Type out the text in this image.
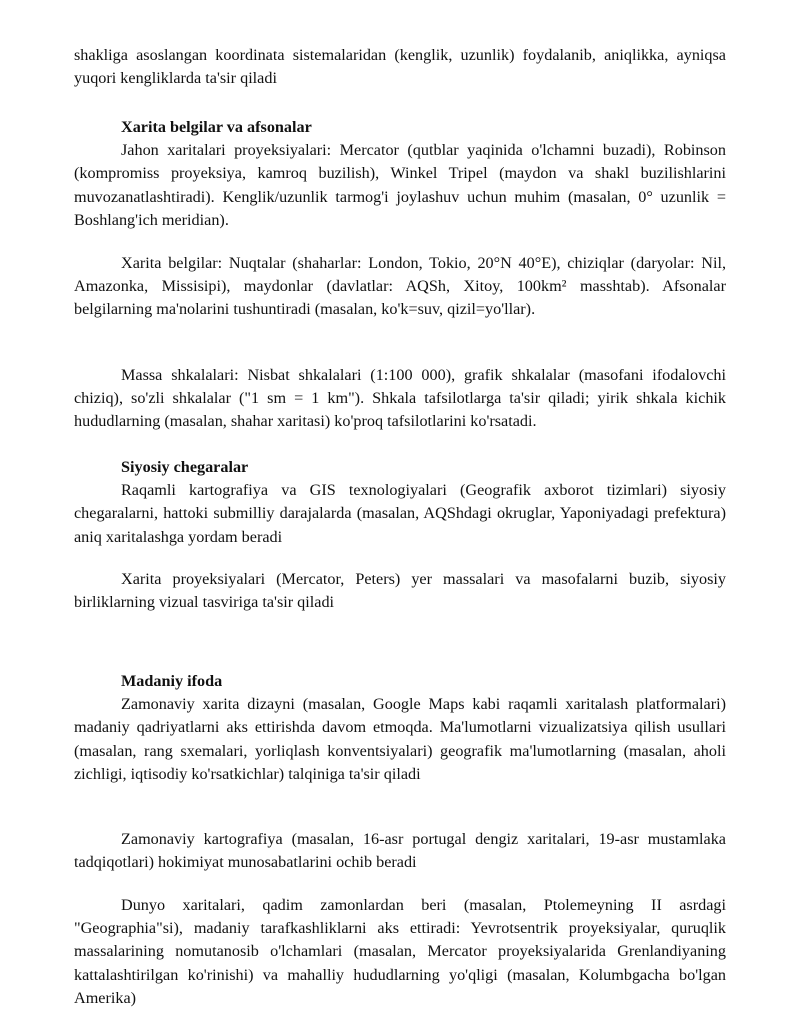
shakliga asoslangan koordinata sistemalaridan (kenglik, uzunlik) foydalanib, aniqlikka, ayniqsa yuqori kengliklarda ta'sir qiladi

Xarita belgilar va afsonalar

Jahon xaritalari proyeksiyalari: Mercator (qutblar yaqinida o'lchamni buzadi), Robinson (kompromiss proyeksiya, kamroq buzilish), Winkel Tripel (maydon va shakl buzilishlarini muvozanatlashtiradi). Kenglik/uzunlik tarmog'i joylashuv uchun muhim (masalan, 0° uzunlik = Boshlang'ich meridian).

Xarita belgilar: Nuqtalar (shaharlar: London, Tokio, 20°N 40°E), chiziqlar (daryolar: Nil, Amazonka, Missisipi), maydonlar (davlatlar: AQSh, Xitoy, 100km² masshtab). Afsonalar belgilarning ma'nolarini tushuntiradi (masalan, ko'k=suv, qizil=yo'llar).

Massa shkalalari: Nisbat shkalalari (1:100 000), grafik shkalalar (masofani ifodalovchi chiziq), so'zli shkalalar ("1 sm = 1 km"). Shkala tafsilotlarga ta'sir qiladi; yirik shkala kichik hududlarning (masalan, shahar xaritasi) ko'proq tafsilotlarini ko'rsatadi.

Siyosiy chegaralar

Raqamli kartografiya va GIS texnologiyalari (Geografik axborot tizimlari) siyosiy chegaralarni, hattoki submilliy darajalarda (masalan, AQShdagi okruglar, Yaponiyadagi prefektura) aniq xaritalashga yordam beradi

Xarita proyeksiyalari (Mercator, Peters) yer massalari va masofalarni buzib, siyosiy birliklarning vizual tasviriga ta'sir qiladi

Madaniy ifoda

Zamonaviy xarita dizayni (masalan, Google Maps kabi raqamli xaritalash platformalari) madaniy qadriyatlarni aks ettirishda davom etmoqda. Ma'lumotlarni vizualizatsiya qilish usullari (masalan, rang sxemalari, yorliqlash konventsiyalari) geografik ma'lumotlarning (masalan, aholi zichligi, iqtisodiy ko'rsatkichlar) talqiniga ta'sir qiladi

Zamonaviy kartografiya (masalan, 16-asr portugal dengiz xaritalari, 19-asr mustamlaka tadqiqotlari) hokimiyat munosabatlarini ochib beradi

Dunyo xaritalari, qadim zamonlardan beri (masalan, Ptolemeyning II asrdagi "Geographia"si), madaniy tarafkashliklarni aks ettiradi: Yevrotsentrik proyeksiyalar, quruqlik massalarining nomutanosib o'lchamlari (masalan, Mercator proyeksiyalarida Grenlandiyaning kattalashtirilgan ko'rinishi) va mahalliy hududlarning yo'qligi (masalan, Kolumbgacha bo'lgan Amerika)
